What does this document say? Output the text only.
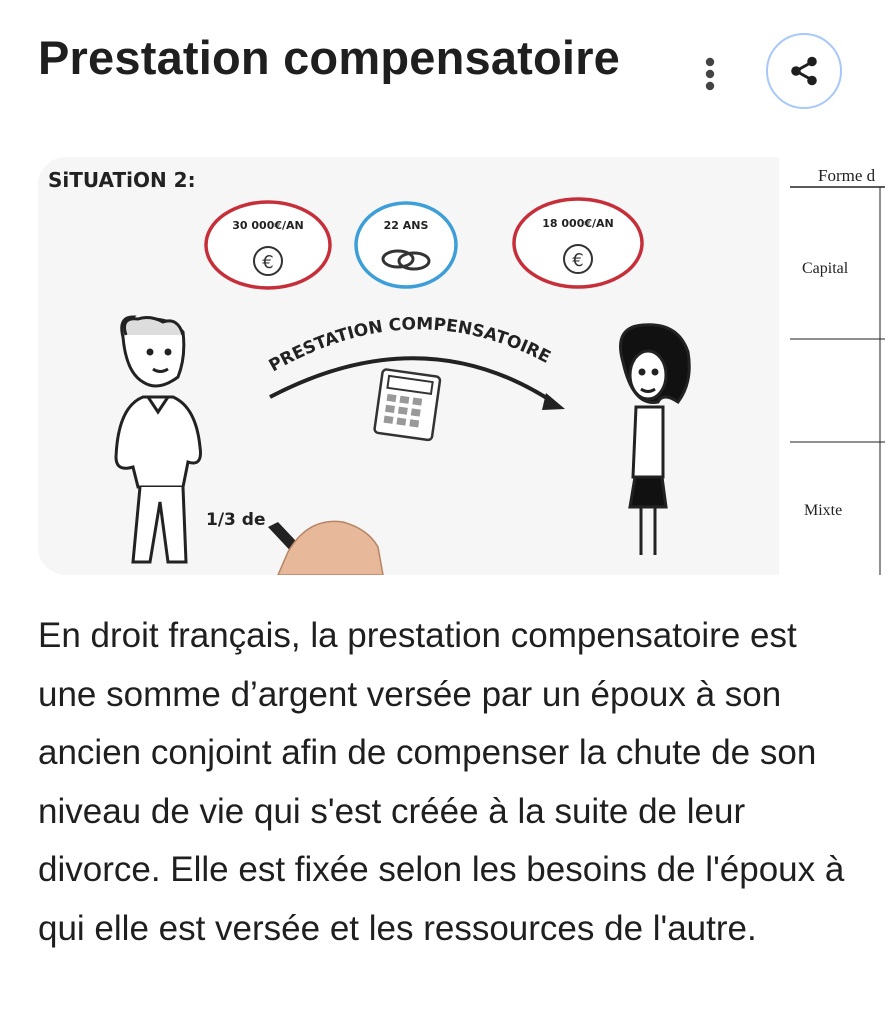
Prestation compensatoire
SiTUATiON 2:
30 000€/AN
€
22 ANS	18 000€/AN
€
PRESTATION COMPENSATOIRE
1/3 de
Forme d
Capital
Mixte
En droit français, la prestation compensatoire est une somme d’argent versée par un époux à son ancien conjoint afin de compenser la chute de son niveau de vie qui s'est créée à la suite de leur divorce. Elle est fixée selon les besoins de l'époux à qui elle est versée et les ressources de l'autre.
